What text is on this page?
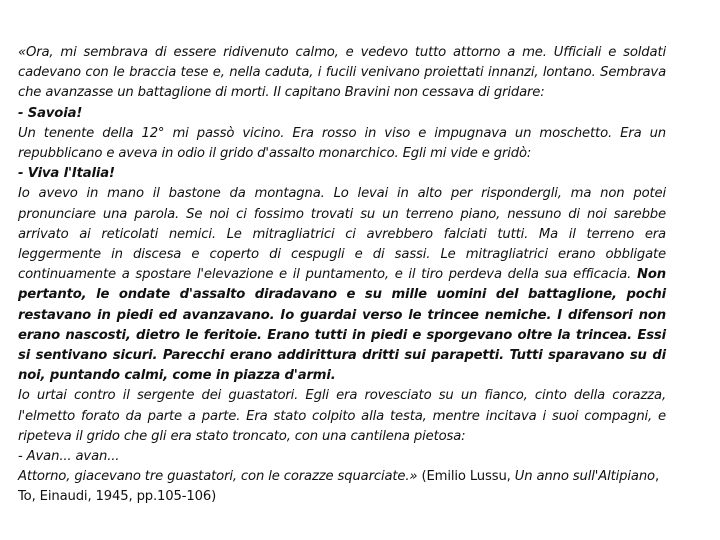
«Ora, mi sembrava di essere ridivenuto calmo, e vedevo tutto attorno a me. Ufficiali e soldati cadevano con le braccia tese e, nella caduta, i fucili venivano proiettati innanzi, lontano. Sembrava che avanzasse un battaglione di morti. Il capitano Bravini non cessava di gridare:

- Savoia!

Un tenente della 12° mi passò vicino. Era rosso in viso e impugnava un moschetto. Era un repubblicano e aveva in odio il grido d'assalto monarchico. Egli mi vide e gridò:

- Viva l'Italia!

Io avevo in mano il bastone da montagna. Lo levai in alto per rispondergli, ma non potei pronunciare una parola. Se noi ci fossimo trovati su un terreno piano, nessuno di noi sarebbe arrivato ai reticolati nemici. Le mitragliatrici ci avrebbero falciati tutti. Ma il terreno era leggermente in discesa e coperto di cespugli e di sassi. Le mitragliatrici erano obbligate continuamente a spostare l'elevazione e il puntamento, e il tiro perdeva della sua efficacia. Non pertanto, le ondate d'assalto diradavano e su mille uomini del battaglione, pochi restavano in piedi ed avanzavano. Io guardai verso le trincee nemiche. I difensori non erano nascosti, dietro le feritoie. Erano tutti in piedi e sporgevano oltre la trincea. Essi si sentivano sicuri. Parecchi erano addirittura dritti sui parapetti. Tutti sparavano su di noi, puntando calmi, come in piazza d'armi.

Io urtai contro il sergente dei guastatori. Egli era rovesciato su un fianco, cinto della corazza, l'elmetto forato da parte a parte. Era stato colpito alla testa, mentre incitava i suoi compagni, e ripeteva il grido che gli era stato troncato, con una cantilena pietosa:

- Avan... avan...

Attorno, giacevano tre guastatori, con le corazze squarciate.» (Emilio Lussu, Un anno sull'Altipiano, To, Einaudi, 1945, pp.105-106)
